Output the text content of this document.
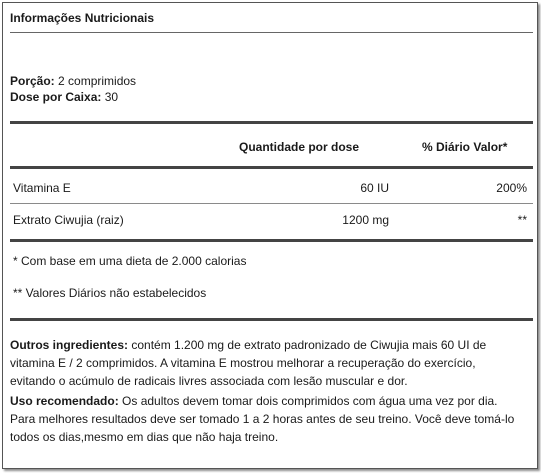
Informações Nutricionais
Porção: 2 comprimidos
Dose por Caixa: 30
Quantidade por dose	% Diário Valor*
Vitamina E	60 IU	200%
Extrato Ciwujia (raiz)	1200 mg	**
* Com base em uma dieta de 2.000 calorias
** Valores Diários não estabelecidos
Outros ingredientes: contém 1.200 mg de extrato padronizado de Ciwujia mais 60 UI de
vitamina E / 2 comprimidos. A vitamina E mostrou melhorar a recuperação do exercício,
evitando o acúmulo de radicais livres associada com lesão muscular e dor.
Uso recomendado: Os adultos devem tomar dois comprimidos com água uma vez por dia.
Para melhores resultados deve ser tomado 1 a 2 horas antes de seu treino. Você deve tomá-lo
todos os dias,mesmo em dias que não haja treino.
